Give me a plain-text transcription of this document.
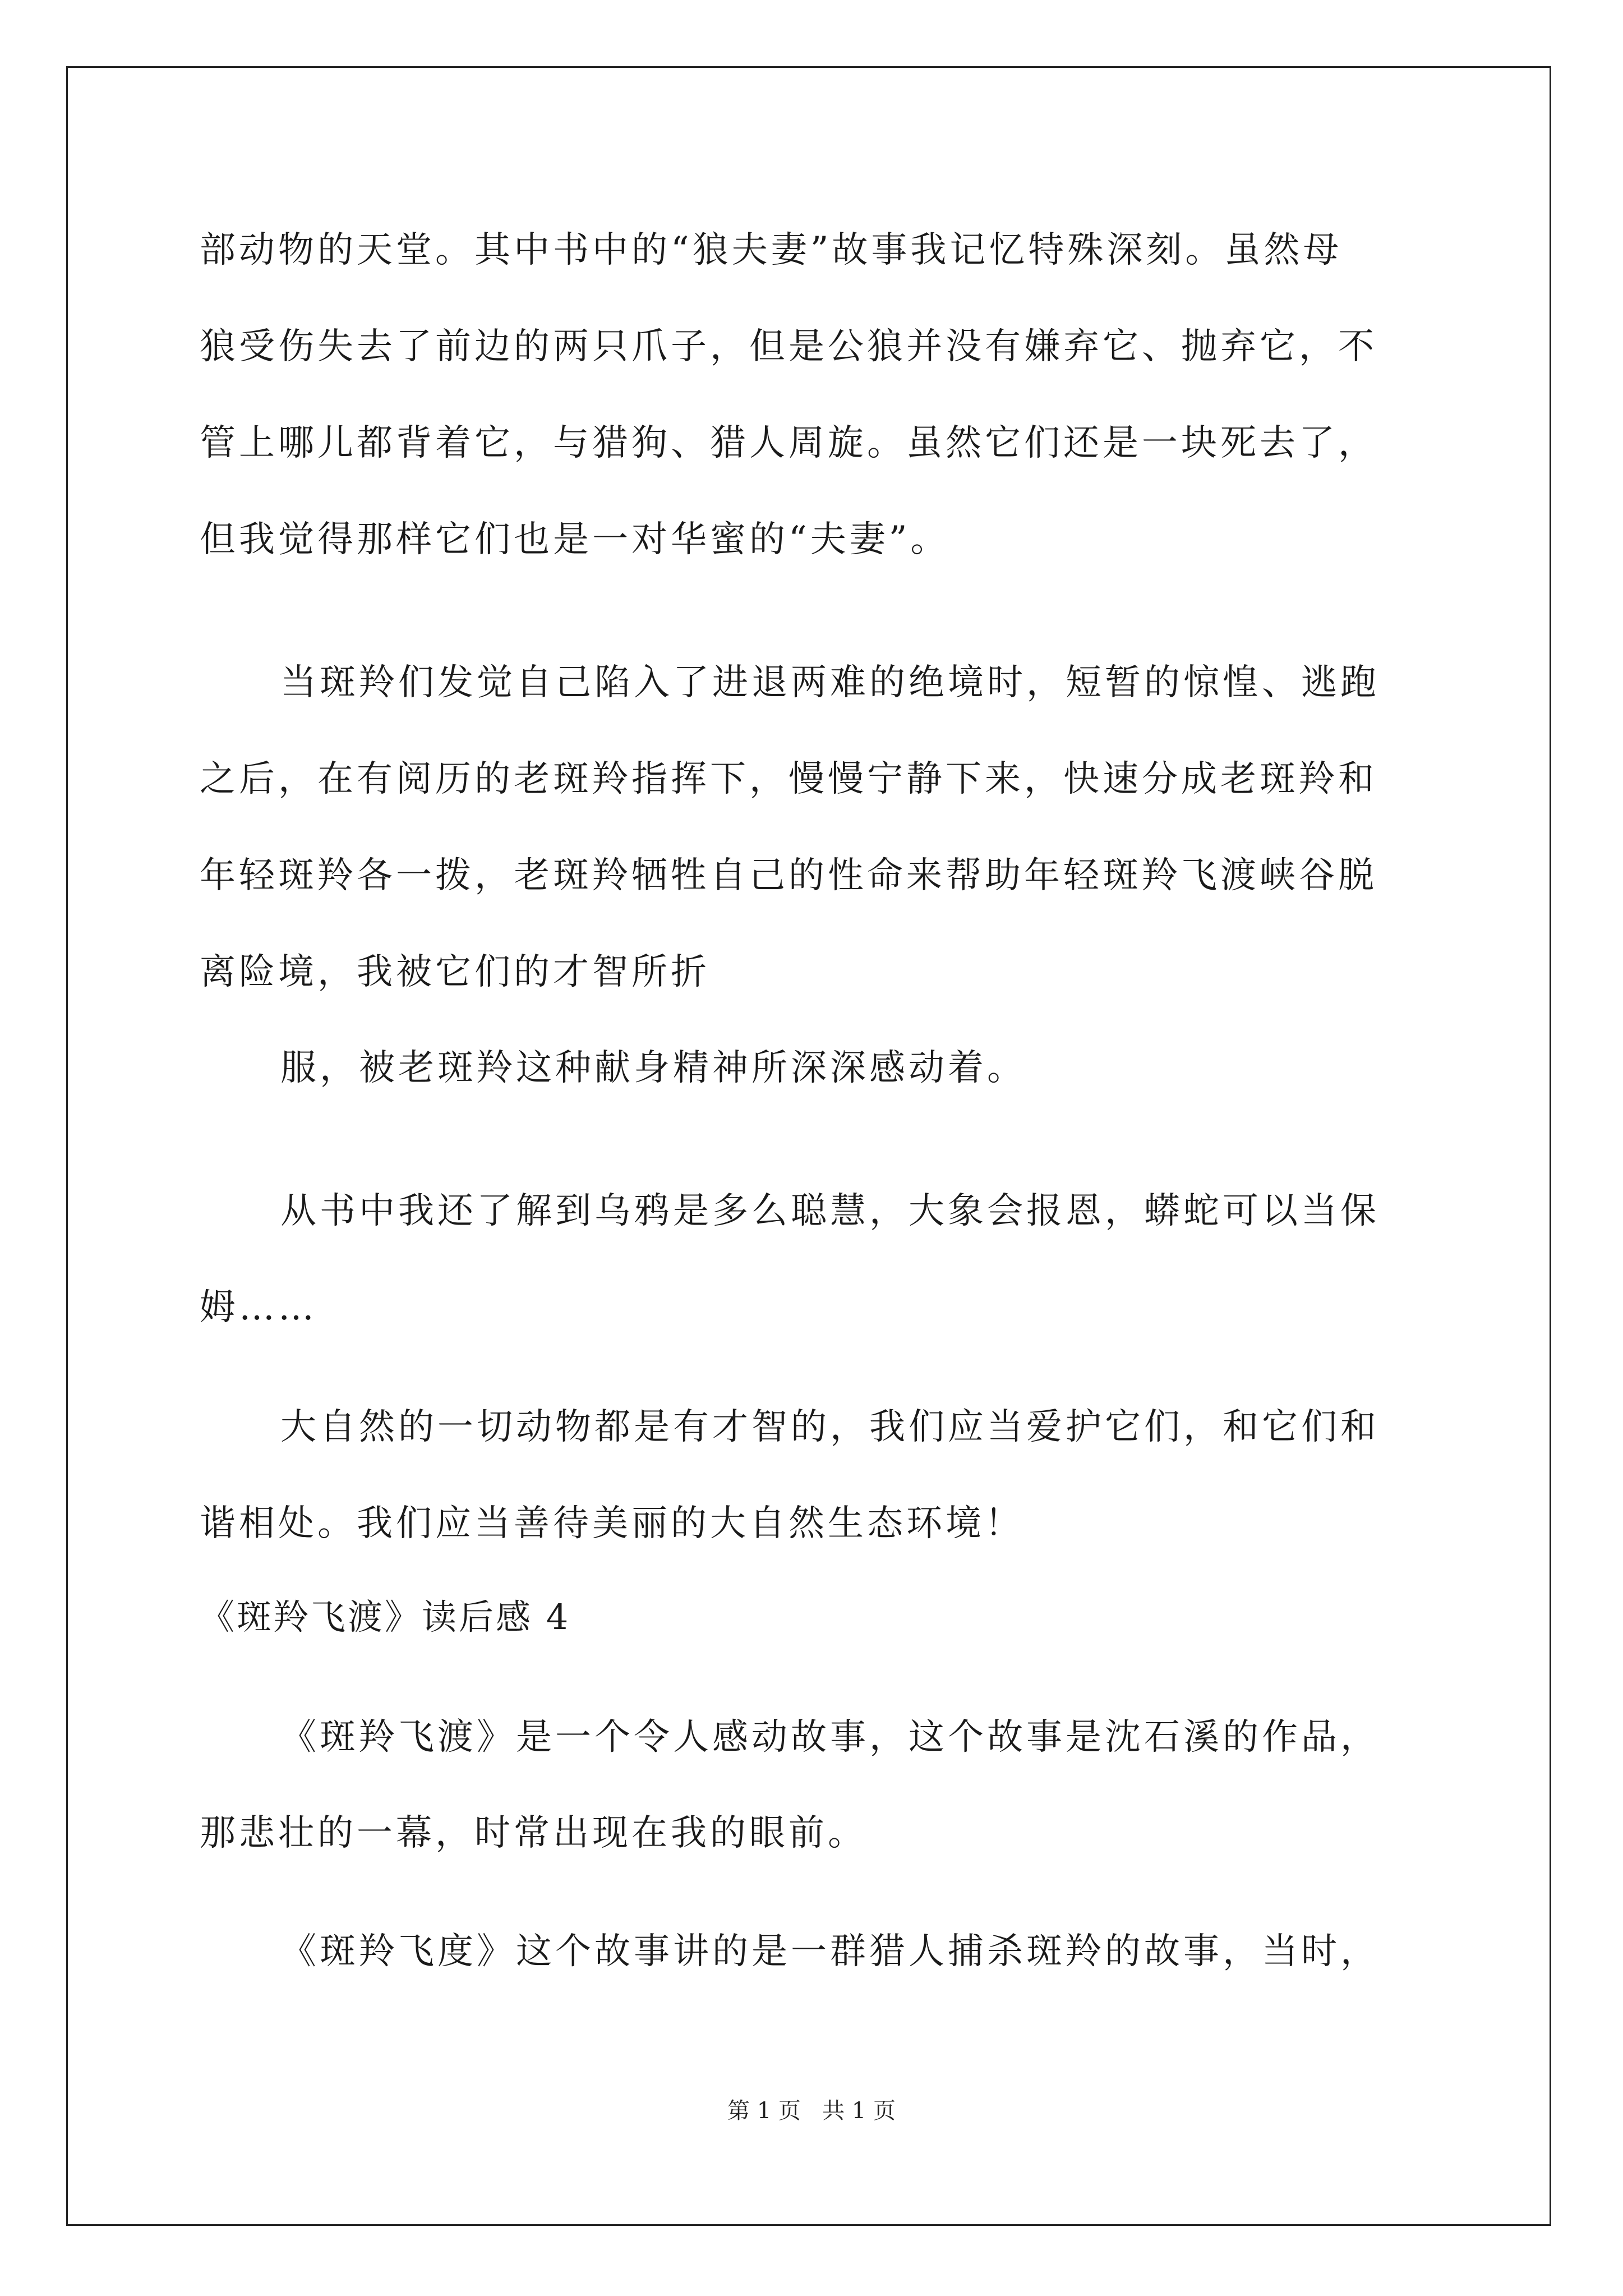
部动物的天堂。其中书中的“狼夫妻”故事我记忆特殊深刻。虽然母
狼受伤失去了前边的两只爪子，但是公狼并没有嫌弃它、抛弃它，不
管上哪儿都背着它，与猎狗、猎人周旋。虽然它们还是一块死去了，
但我觉得那样它们也是一对华蜜的“夫妻”。
当斑羚们发觉自己陷入了进退两难的绝境时，短暂的惊惶、逃跑
之后，在有阅历的老斑羚指挥下，慢慢宁静下来，快速分成老斑羚和
年轻斑羚各一拨，老斑羚牺牲自己的性命来帮助年轻斑羚飞渡峡谷脱
离险境，我被它们的才智所折
服，被老斑羚这种献身精神所深深感动着。
从书中我还了解到乌鸦是多么聪慧，大象会报恩，蟒蛇可以当保
姆……
大自然的一切动物都是有才智的，我们应当爱护它们，和它们和
谐相处。我们应当善待美丽的大自然生态环境！
《斑羚飞渡》读后感 4
《斑羚飞渡》是一个令人感动故事，这个故事是沈石溪的作品，
那悲壮的一幕，时常出现在我的眼前。
《斑羚飞度》这个故事讲的是一群猎人捕杀斑羚的故事，当时，
第 1 页   共 1 页
